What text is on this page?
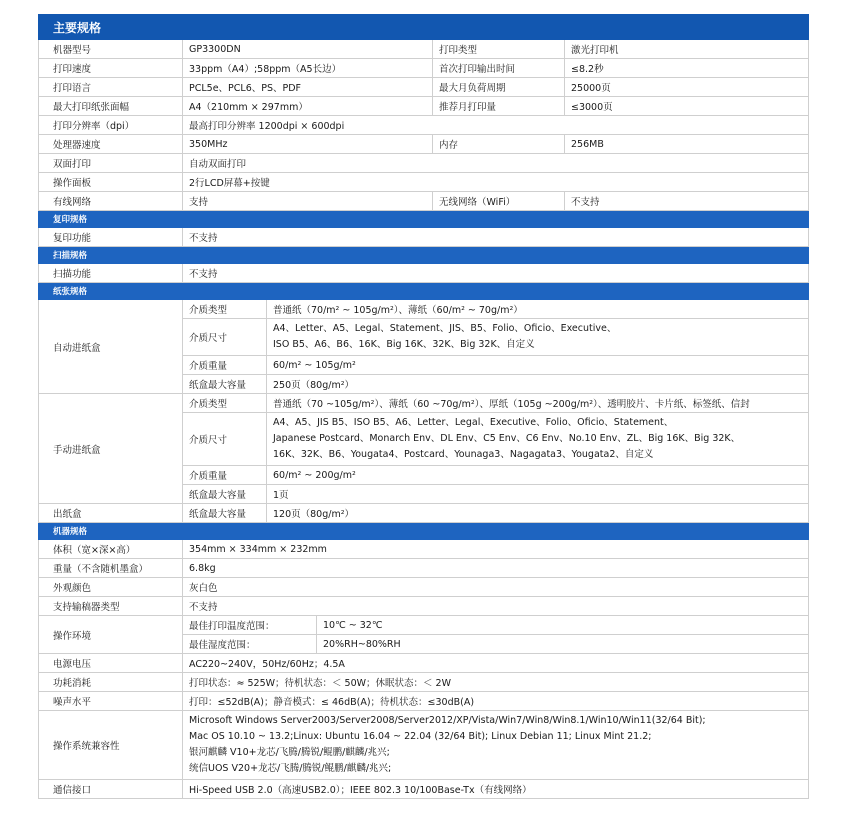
主要规格					
机器型号	GP3300DN			打印类型	激光打印机
打印速度	33ppm（A4）;58ppm（A5长边）			首次打印输出时间	≤8.2秒
打印语言	PCL5e、PCL6、PS、PDF			最大月负荷周期	25000页
最大打印纸张面幅	A4（210mm × 297mm）			推荐月打印量	≤3000页
打印分辨率（dpi）	最高打印分辨率 1200dpi × 600dpi				
处理器速度	350MHz			内存	256MB
双面打印	自动双面打印				
操作面板	2行LCD屏幕+按键				
有线网络	支持			无线网络（WiFi）	不支持
复印规格					
复印功能	不支持				
扫描规格					
扫描功能	不支持				
纸张规格					
自动进纸盒	介质类型	普通纸（70/m² ~ 105g/m²）、薄纸（60/m² ~ 70g/m²）			
	介质尺寸	A4、Letter、A5、Legal、Statement、JIS、B5、Folio、Oficio、Executive、
ISO B5、A6、B6、16K、Big 16K、32K、Big 32K、自定义			

	介质重量	60/m² ~ 105g/m²			
	纸盒最大容量	250页（80g/m²）			
手动进纸盒	介质类型	普通纸（70 ~105g/m²）、薄纸（60 ~70g/m²）、厚纸（105g ~200g/m²）、透明胶片、卡片纸、标签纸、信封			
	介质尺寸	A4、A5、JIS B5、ISO B5、A6、Letter、Legal、Executive、Folio、Oficio、Statement、
Japanese Postcard、Monarch Env、DL Env、C5 Env、C6 Env、No.10 Env、ZL、Big 16K、Big 32K、
16K、32K、B6、Yougata4、Postcard、Younaga3、Nagagata3、Yougata2、自定义			

	介质重量	60/m² ~ 200g/m²			
	纸盒最大容量	1页			
出纸盒	纸盒最大容量	120页（80g/m²）			
机器规格					
体积（宽×深×高）	354mm × 334mm × 232mm				
重量（不含随机墨盒）	6.8kg				
外观颜色	灰白色				
支持输稿器类型	不支持				
操作环境	最佳打印温度范围：		10℃ ~ 32℃		
	最佳湿度范围：		20%RH~80%RH		
电源电压	AC220~240V，50Hz/60Hz；4.5A				
功耗消耗	打印状态：≈ 525W；待机状态：＜ 50W；休眠状态：＜ 2W				
噪声水平	打印：≤52dB(A)；静音模式：≤ 46dB(A)；待机状态：≤30dB(A)				
操作系统兼容性	Microsoft Windows Server2003/Server2008/Server2012/XP/Vista/Win7/Win8/Win8.1/Win10/Win11(32/64 Bit);
Mac OS 10.10 ~ 13.2;Linux: Ubuntu 16.04 ~ 22.04 (32/64 Bit); Linux Debian 11; Linux Mint 21.2;
银河麒麟 V10+龙芯/飞腾/腾锐/鲲鹏/麒麟/兆兴;
统信UOS V20+龙芯/飞腾/腾锐/鲲鹏/麒麟/兆兴;				

通信接口	Hi-Speed USB 2.0（高速USB2.0）；IEEE 802.3 10/100Base-Tx（有线网络）				
